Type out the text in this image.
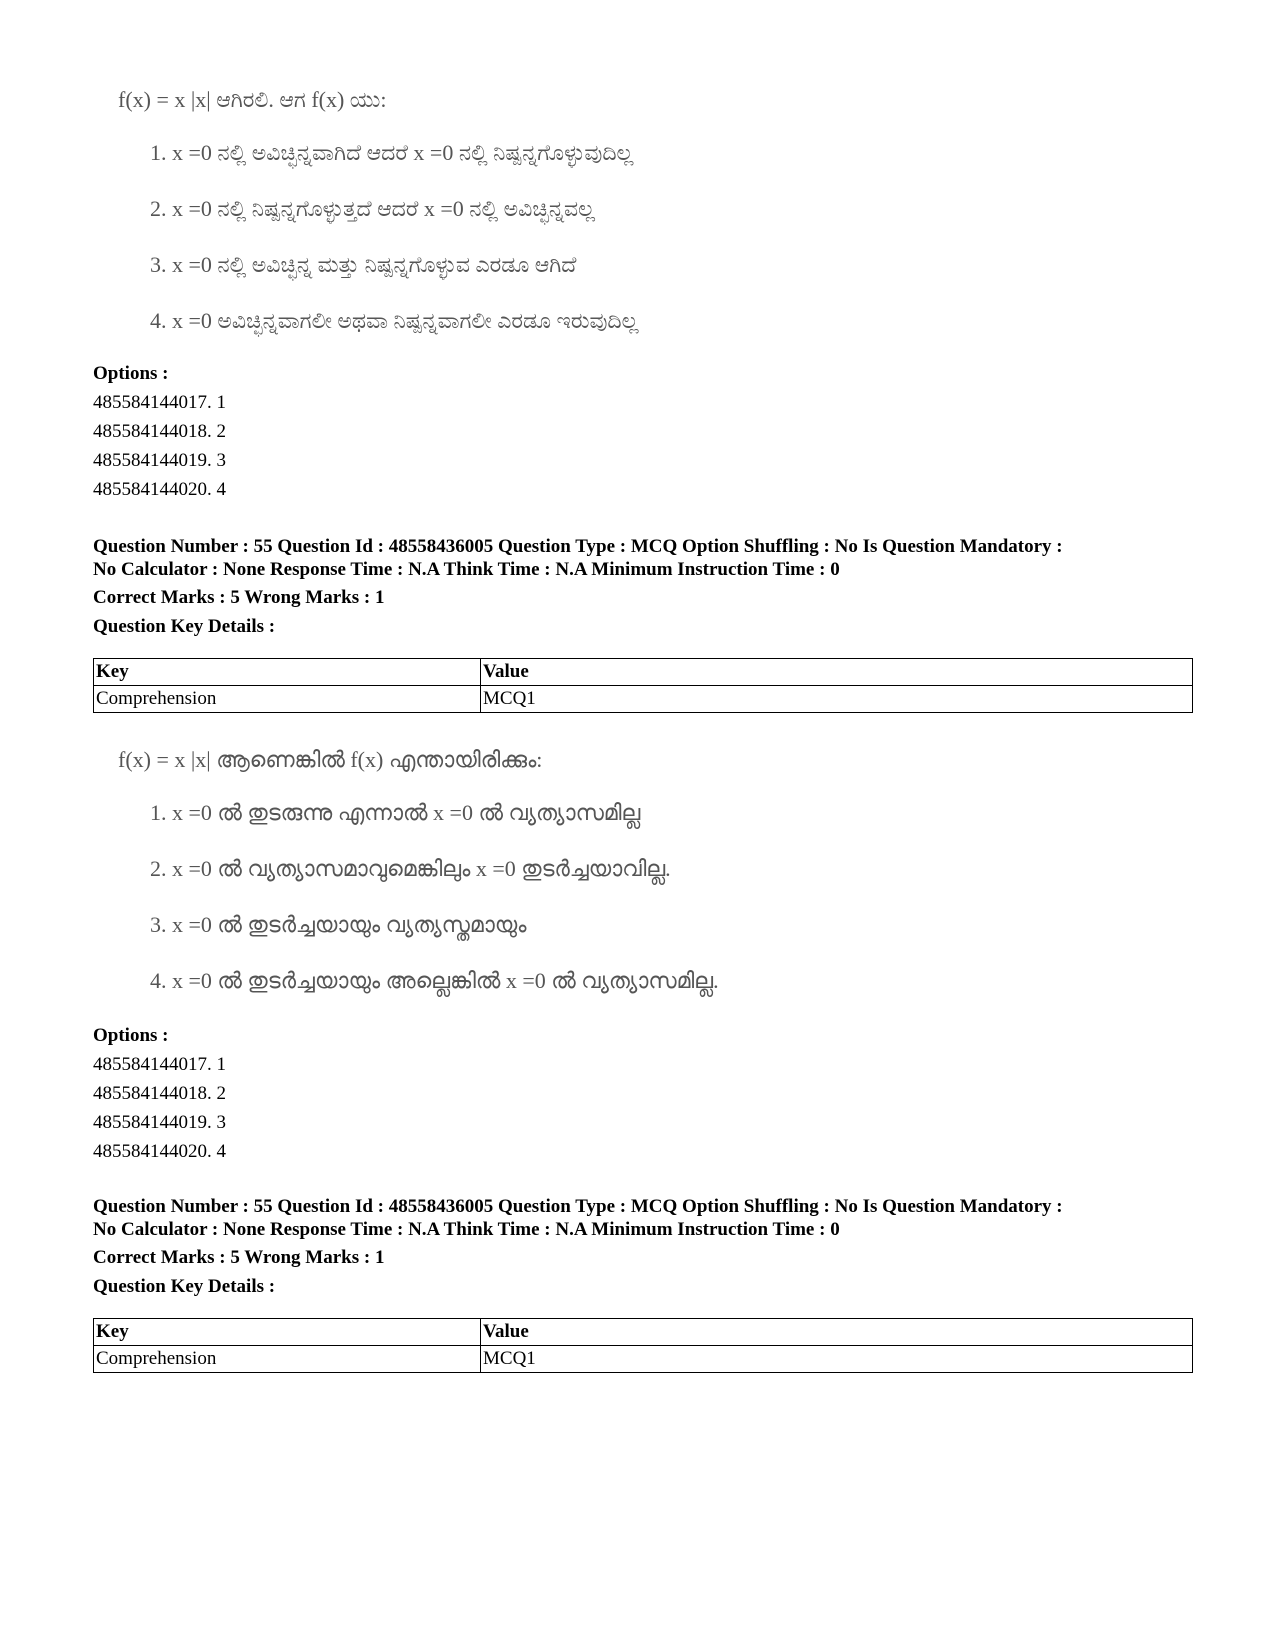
f(x) = x |x| ಆಗಿರಲಿ. ಆಗ f(x) ಯು:
1. x =0 ನಲ್ಲಿ ಅವಿಚ್ಛಿನ್ನವಾಗಿದೆ ಆದರೆ x =0 ನಲ್ಲಿ ನಿಷ್ಪನ್ನಗೊಳ್ಳುವುದಿಲ್ಲ
2. x =0 ನಲ್ಲಿ ನಿಷ್ಪನ್ನಗೊಳ್ಳುತ್ತದೆ ಆದರೆ x =0 ನಲ್ಲಿ ಅವಿಚ್ಛಿನ್ನವಲ್ಲ
3. x =0 ನಲ್ಲಿ ಅವಿಚ್ಛಿನ್ನ ಮತ್ತು ನಿಷ್ಪನ್ನಗೊಳ್ಳುವ ಎರಡೂ ಆಗಿದೆ
4. x =0 ಅವಿಚ್ಛಿನ್ನವಾಗಲೀ ಅಥವಾ ನಿಷ್ಪನ್ನವಾಗಲೀ ಎರಡೂ ಇರುವುದಿಲ್ಲ
Options :
485584144017. 1
485584144018. 2
485584144019. 3
485584144020. 4
Question Number : 55 Question Id : 48558436005 Question Type : MCQ Option Shuffling : No Is Question Mandatory :
No Calculator : None Response Time : N.A Think Time : N.A Minimum Instruction Time : 0
Correct Marks : 5 Wrong Marks : 1
Question Key Details :
Key	Value
Comprehension	MCQ1
f(x) = x |x| ആണെങ്കിൽ f(x) എന്തായിരിക്കും:
1. x =0 ൽ തുടരുന്നു എന്നാൽ x =0 ൽ വ്യത്യാസമില്ല
2. x =0 ൽ വ്യത്യാസമാവുമെങ്കിലും x =0 തുടർച്ചയാവില്ല.
3. x =0 ൽ തുടർച്ചയായും വ്യത്യസ്തമായും
4. x =0 ൽ തുടർച്ചയായും അല്ലെങ്കിൽ x =0 ൽ വ്യത്യാസമില്ല.
Options :
485584144017. 1
485584144018. 2
485584144019. 3
485584144020. 4
Question Number : 55 Question Id : 48558436005 Question Type : MCQ Option Shuffling : No Is Question Mandatory :
No Calculator : None Response Time : N.A Think Time : N.A Minimum Instruction Time : 0
Correct Marks : 5 Wrong Marks : 1
Question Key Details :
Key	Value
Comprehension	MCQ1
